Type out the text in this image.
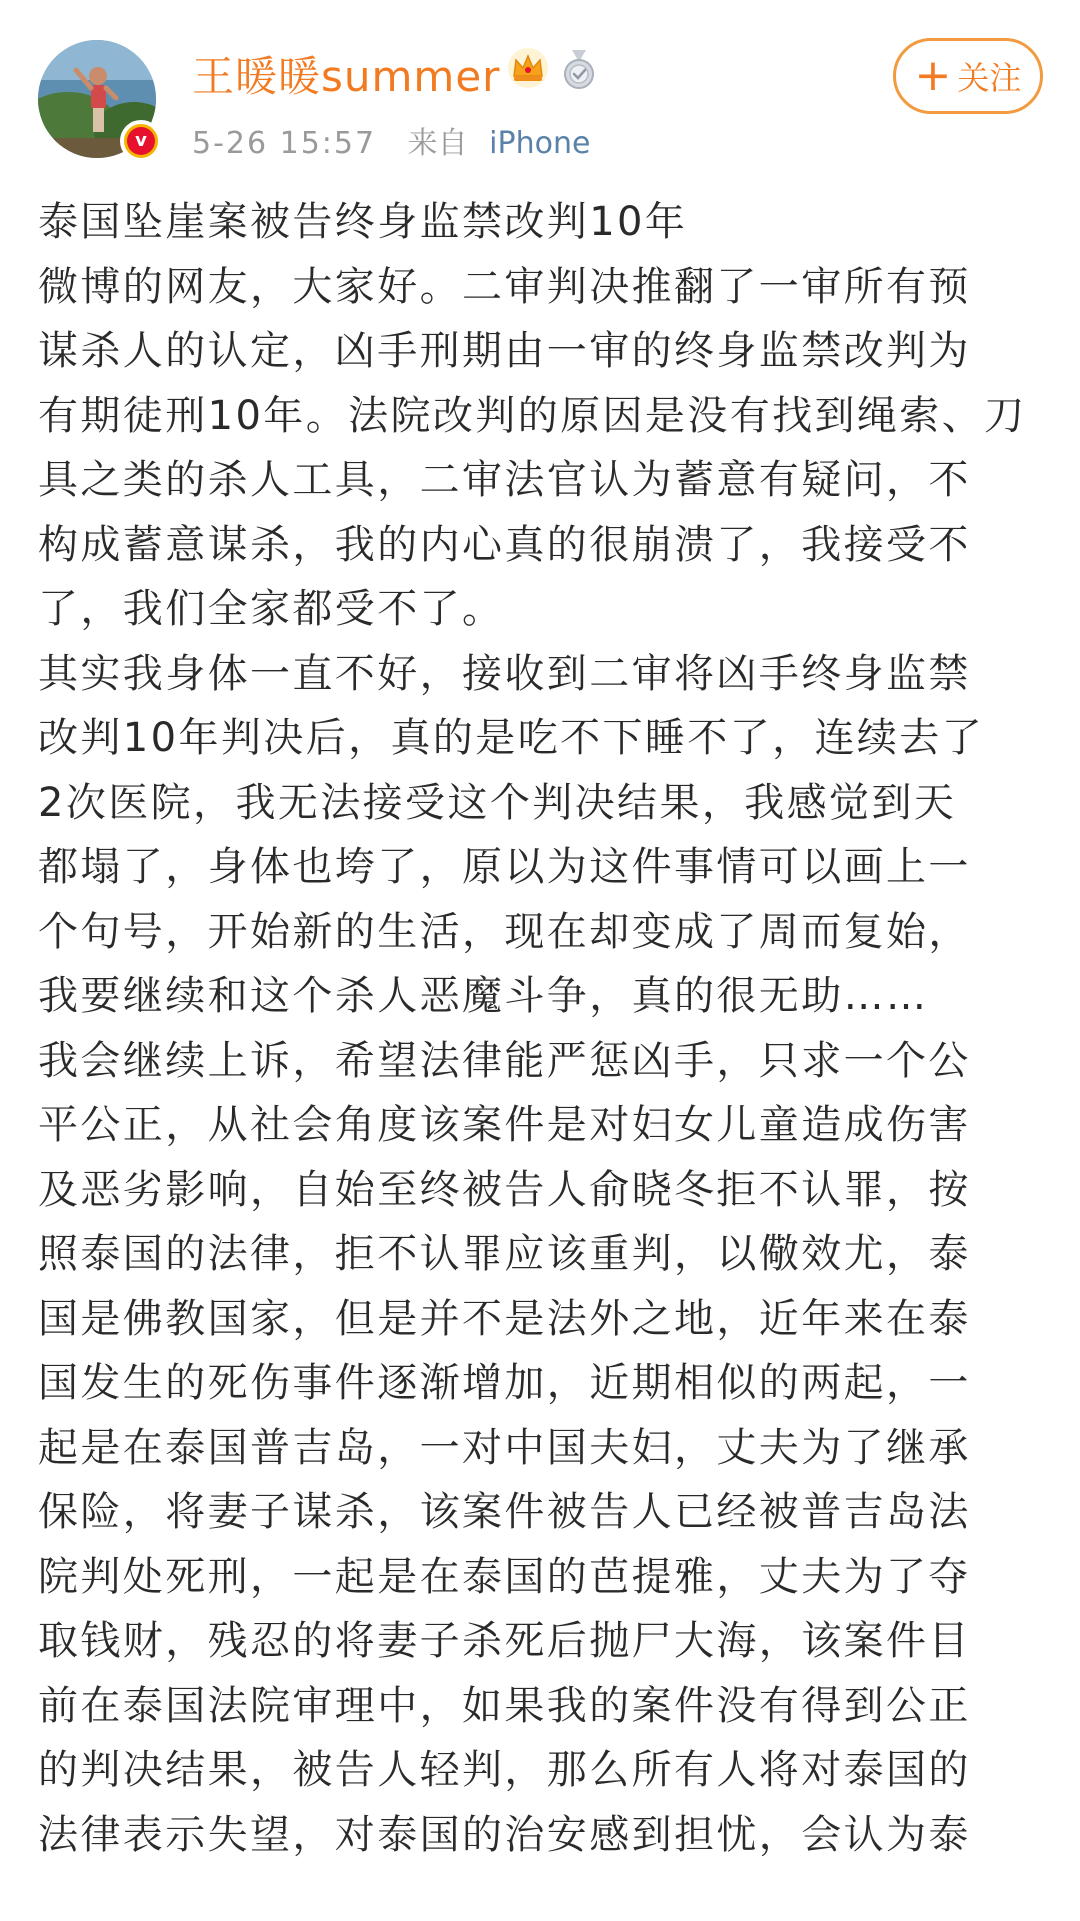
v
王暖暖summer
5-26 15:57 来自 iPhone
+ 关注
泰国坠崖案被告终身监禁改判10年
微博的网友，大家好。二审判决推翻了一审所有预
谋杀人的认定，凶手刑期由一审的终身监禁改判为
有期徒刑10年。法院改判的原因是没有找到绳索、刀
具之类的杀人工具，二审法官认为蓄意有疑问，不
构成蓄意谋杀，我的内心真的很崩溃了，我接受不
了，我们全家都受不了。
其实我身体一直不好，接收到二审将凶手终身监禁
改判10年判决后，真的是吃不下睡不了，连续去了
2次医院，我无法接受这个判决结果，我感觉到天
都塌了，身体也垮了，原以为这件事情可以画上一
个句号，开始新的生活，现在却变成了周而复始，
我要继续和这个杀人恶魔斗争，真的很无助……
我会继续上诉，希望法律能严惩凶手，只求一个公
平公正，从社会角度该案件是对妇女儿童造成伤害
及恶劣影响，自始至终被告人俞晓冬拒不认罪，按
照泰国的法律，拒不认罪应该重判，以儆效尤，泰
国是佛教国家，但是并不是法外之地，近年来在泰
国发生的死伤事件逐渐增加，近期相似的两起，一
起是在泰国普吉岛，一对中国夫妇，丈夫为了继承
保险，将妻子谋杀，该案件被告人已经被普吉岛法
院判处死刑，一起是在泰国的芭提雅，丈夫为了夺
取钱财，残忍的将妻子杀死后抛尸大海，该案件目
前在泰国法院审理中，如果我的案件没有得到公正
的判决结果，被告人轻判，那么所有人将对泰国的
法律表示失望，对泰国的治安感到担忧，会认为泰
